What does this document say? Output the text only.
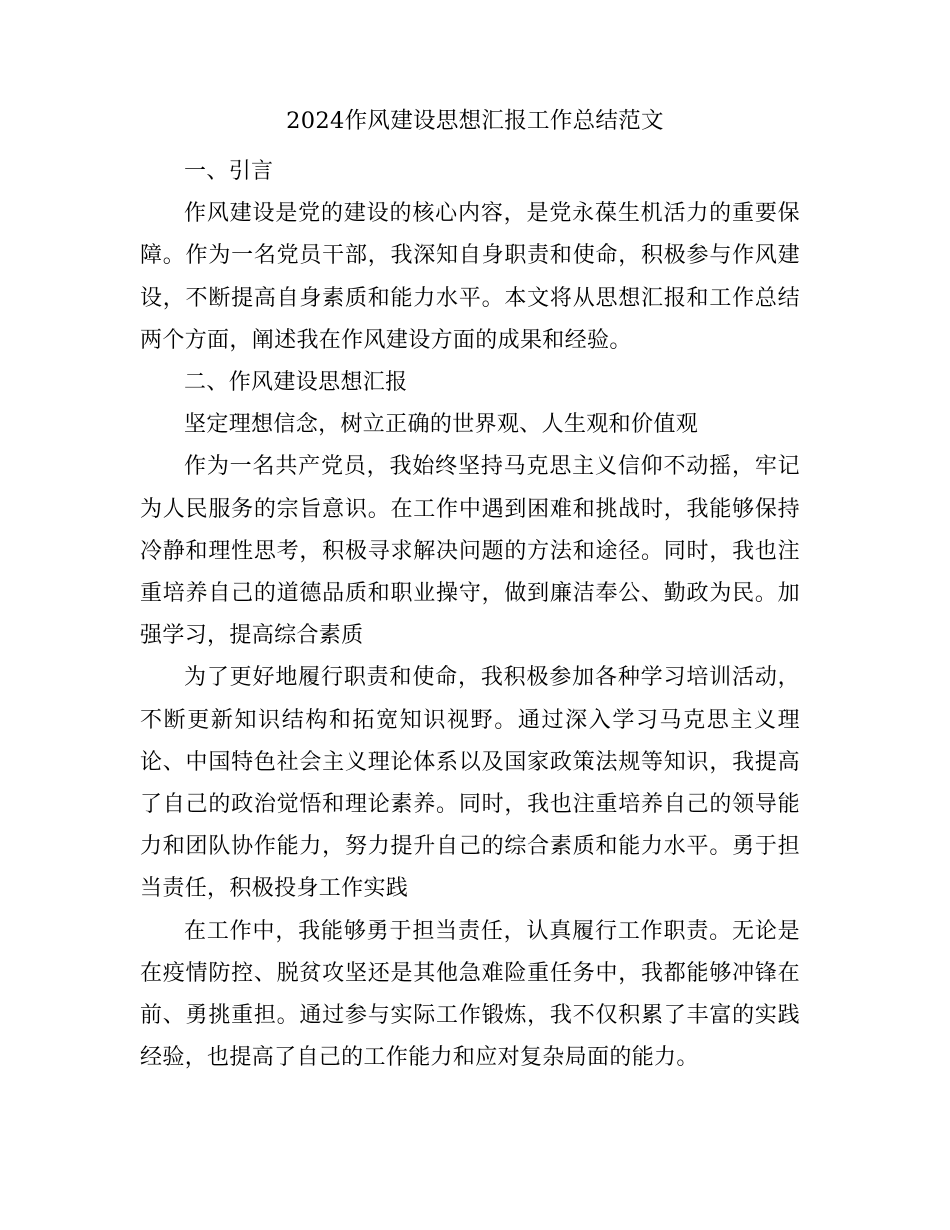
2024作风建设思想汇报工作总结范文

一、引言

作风建设是党的建设的核心内容，是党永葆生机活力的重要保障。作为一名党员干部，我深知自身职责和使命，积极参与作风建设，不断提高自身素质和能力水平。本文将从思想汇报和工作总结两个方面，阐述我在作风建设方面的成果和经验。

二、作风建设思想汇报

坚定理想信念，树立正确的世界观、人生观和价值观

作为一名共产党员，我始终坚持马克思主义信仰不动摇，牢记为人民服务的宗旨意识。在工作中遇到困难和挑战时，我能够保持冷静和理性思考，积极寻求解决问题的方法和途径。同时，我也注重培养自己的道德品质和职业操守，做到廉洁奉公、勤政为民。加强学习，提高综合素质

为了更好地履行职责和使命，我积极参加各种学习培训活动，不断更新知识结构和拓宽知识视野。通过深入学习马克思主义理论、中国特色社会主义理论体系以及国家政策法规等知识，我提高了自己的政治觉悟和理论素养。同时，我也注重培养自己的领导能力和团队协作能力，努力提升自己的综合素质和能力水平。勇于担当责任，积极投身工作实践

在工作中，我能够勇于担当责任，认真履行工作职责。无论是在疫情防控、脱贫攻坚还是其他急难险重任务中，我都能够冲锋在前、勇挑重担。通过参与实际工作锻炼，我不仅积累了丰富的实践经验，也提高了自己的工作能力和应对复杂局面的能力。
